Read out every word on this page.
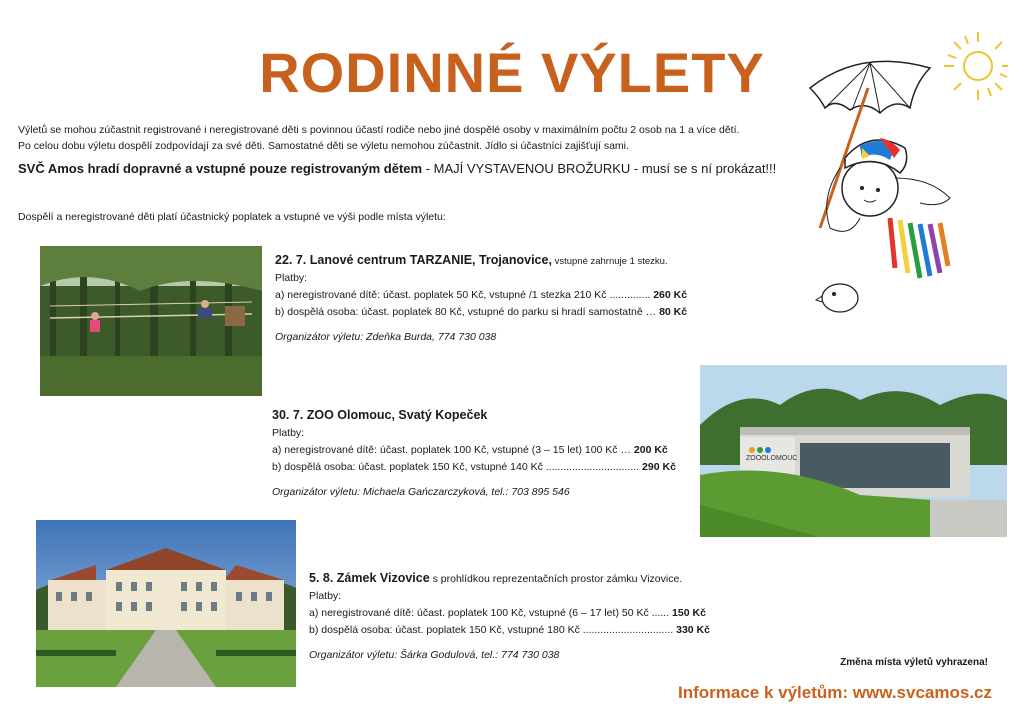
RODINNÉ VÝLETY
Výletů se mohou zúčastnit registrované i neregistrované děti s povinnou účastí rodiče nebo jiné dospělé osoby v maximálním počtu 2 osob na 1 a více dětí.
Po celou dobu výletu dospělí zodpovídají za své děti. Samostatné děti se výletu nemohou zúčastnit. Jídlo si účastníci zajišťují sami.
SVČ Amos hradí dopravné a vstupné pouze registrovaným dětem - MAJÍ VYSTAVENOU BROŽURKU - musí se s ní prokázat!!!
Dospělí a neregistrované děti platí účastnický poplatek a vstupné ve výši podle místa výletu:
22. 7. Lanové centrum TARZANIE, Trojanovice, vstupné zahrnuje 1 stezku.
Platby:
a) neregistrované dítě: účast. poplatek 50 Kč, vstupné /1 stezka 210 Kč .............. 260 Kč
b) dospělá osoba: účast. poplatek 80 Kč, vstupné do parku si hradí samostatně … 80 Kč
Organizátor výletu: Zdeňka Burda, 774 730 038
ZOOOLOMOUC
30. 7. ZOO Olomouc, Svatý Kopeček
Platby:
a) neregistrované dítě: účast. poplatek 100 Kč, vstupné (3 – 15 let) 100 Kč … 200 Kč
b) dospělá osoba: účast. poplatek 150 Kč, vstupné 140 Kč ................................ 290 Kč
Organizátor výletu: Michaela Gańczarczyková, tel.: 703 895 546
5. 8. Zámek Vizovice s prohlídkou reprezentačních prostor zámku Vizovice.
Platby:
a) neregistrované dítě: účast. poplatek 100 Kč, vstupné (6 – 17 let) 50 Kč ...... 150 Kč
b) dospělá osoba: účast. poplatek 150 Kč, vstupné 180 Kč ............................... 330 Kč
Organizátor výletu: Šárka Godulová, tel.: 774 730 038
Změna místa výletů vyhrazena!
Informace k výletům: www.svcamos.cz
